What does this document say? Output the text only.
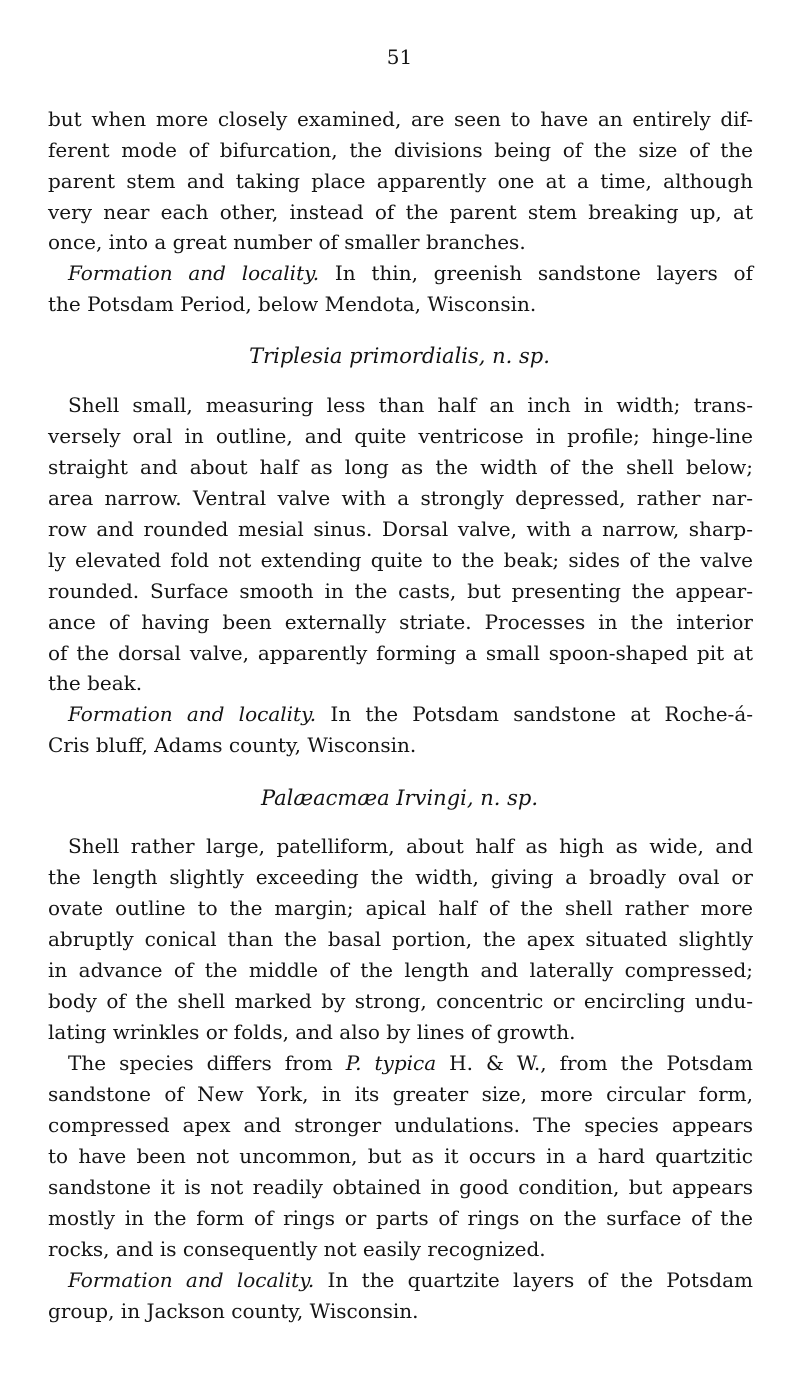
51
but when more closely examined, are seen to have an entirely dif-
ferent mode of bifurcation, the divisions being of the size of the
parent stem and taking place apparently one at a time, although
very near each other, instead of the parent stem breaking up, at
once, into a great number of smaller branches.
Formation and locality. In thin, greenish sandstone layers of
the Potsdam Period, below Mendota, Wisconsin.
Triplesia primordialis, n. sp.
Shell small, measuring less than half an inch in width; trans-
versely oral in outline, and quite ventricose in profile; hinge-line
straight and about half as long as the width of the shell below;
area narrow. Ventral valve with a strongly depressed, rather nar-
row and rounded mesial sinus. Dorsal valve, with a narrow, sharp-
ly elevated fold not extending quite to the beak; sides of the valve
rounded. Surface smooth in the casts, but presenting the appear-
ance of having been externally striate. Processes in the interior
of the dorsal valve, apparently forming a small spoon-shaped pit at
the beak.
Formation and locality. In the Potsdam sandstone at Roche-á-
Cris bluff, Adams county, Wisconsin.
Palæacmæa Irvingi, n. sp.
Shell rather large, patelliform, about half as high as wide, and
the length slightly exceeding the width, giving a broadly oval or
ovate outline to the margin; apical half of the shell rather more
abruptly conical than the basal portion, the apex situated slightly
in advance of the middle of the length and laterally compressed;
body of the shell marked by strong, concentric or encircling undu-
lating wrinkles or folds, and also by lines of growth.
The species differs from P. typica H. & W., from the Potsdam
sandstone of New York, in its greater size, more circular form,
compressed apex and stronger undulations. The species appears
to have been not uncommon, but as it occurs in a hard quartzitic
sandstone it is not readily obtained in good condition, but appears
mostly in the form of rings or parts of rings on the surface of the
rocks, and is consequently not easily recognized.
Formation and locality. In the quartzite layers of the Potsdam
group, in Jackson county, Wisconsin.
